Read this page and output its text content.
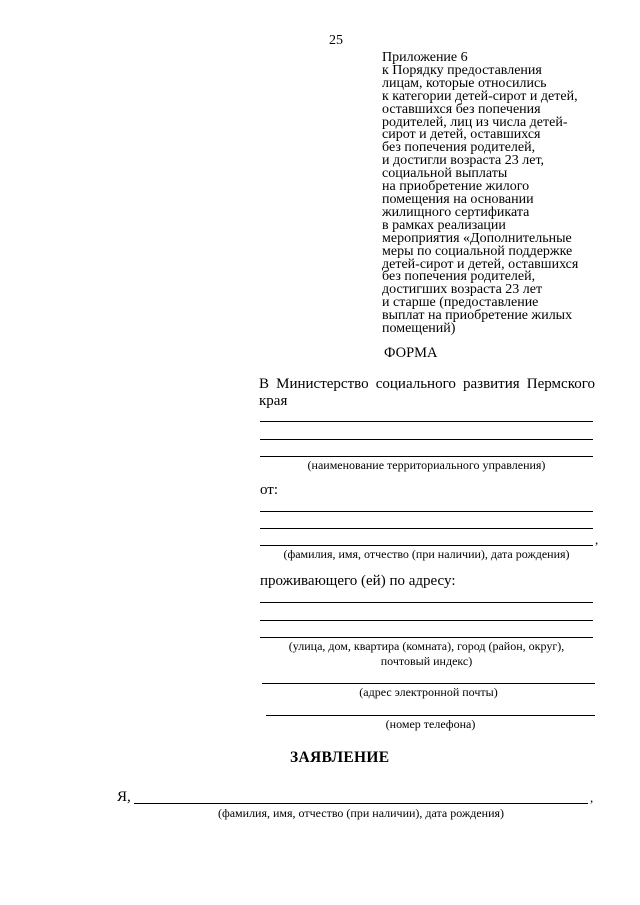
25
Приложение 6
к Порядку предоставления
лицам, которые относились
к категории детей-сирот и детей,
оставшихся без попечения
родителей, лиц из числа детей-
сирот и детей, оставшихся
без попечения родителей,
и достигли возраста 23 лет,
социальной выплаты
на приобретение жилого
помещения на основании
жилищного сертификата
в рамках реализации
мероприятия «Дополнительные
меры по социальной поддержке
детей-сирот и детей, оставшихся
без попечения родителей,
достигших возраста 23 лет
и старше (предоставление
выплат на приобретение жилых
помещений)
ФОРМА
В Министерство социального развития Пермского края
(наименование территориального управления)
от:
,
(фамилия, имя, отчество (при наличии), дата рождения)
проживающего (ей) по адресу:
(улица, дом, квартира (комната), город (район, округ),
почтовый индекс)
(адрес электронной почты)
(номер телефона)
ЗАЯВЛЕНИЕ
Я,	,
(фамилия, имя, отчество (при наличии), дата рождения)
